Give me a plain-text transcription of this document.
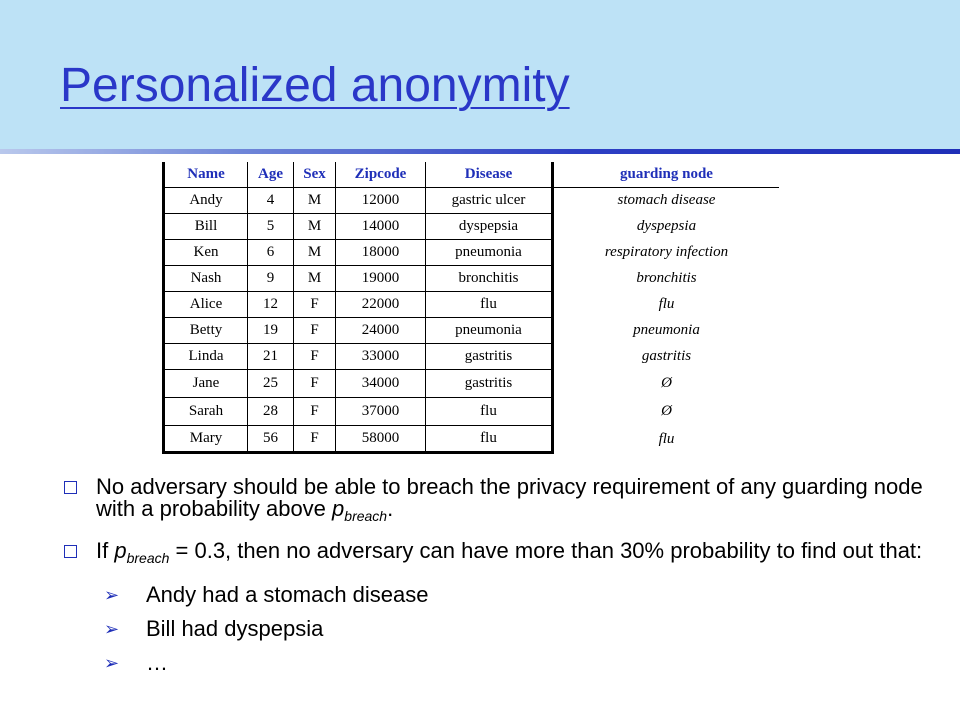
Personalized anonymity
Name	Age	Sex	Zipcode	Disease	guarding node
Andy	4	M	12000	gastric ulcer	stomach disease
Bill	5	M	14000	dyspepsia	dyspepsia
Ken	6	M	18000	pneumonia	respiratory infection
Nash	9	M	19000	bronchitis	bronchitis
Alice	12	F	22000	flu	flu
Betty	19	F	24000	pneumonia	pneumonia
Linda	21	F	33000	gastritis	gastritis
Jane	25	F	34000	gastritis	Ø
Sarah	28	F	37000	flu	Ø
Mary	56	F	58000	flu	flu
No adversary should be able to breach the privacy requirement of any guarding node with a probability above $p_{breach}$.
If $p_{breach} = 0.3$, then no adversary can have more than 30% probability to find out that:
➢ Andy had a stomach disease
➢ Bill had dyspepsia
➢ …
